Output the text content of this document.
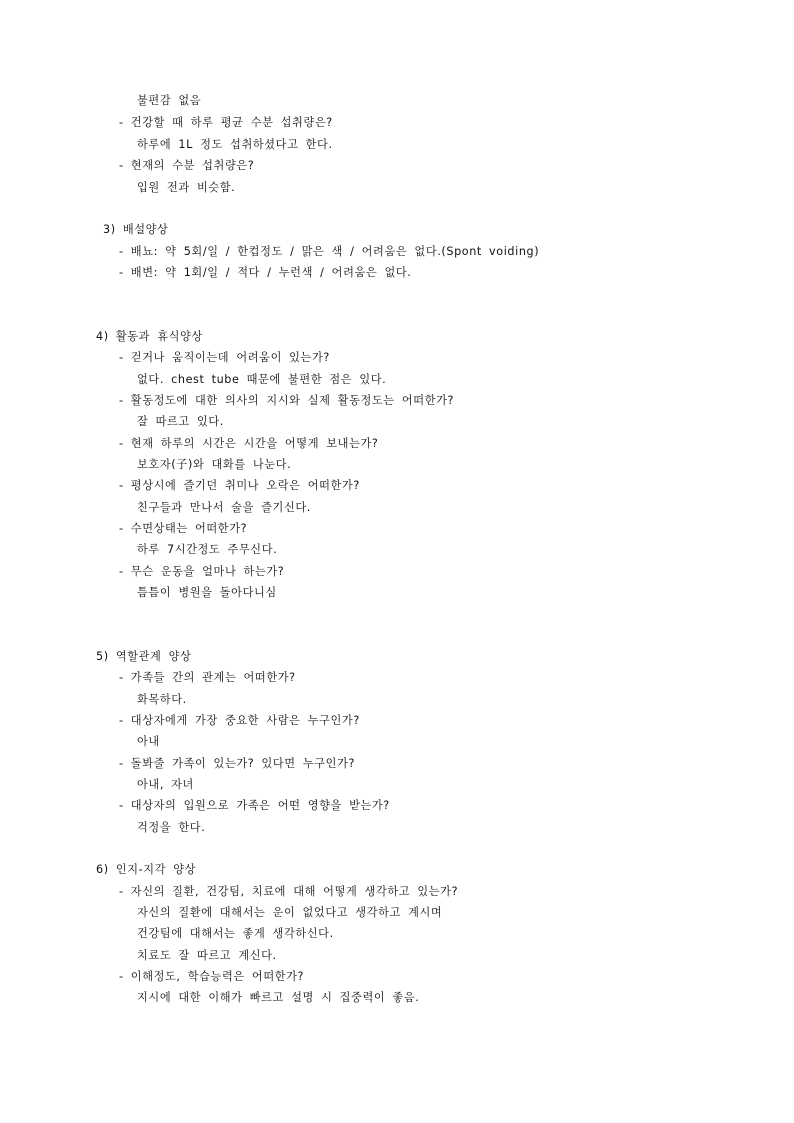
불편감 없음
- 건강할 때 하루 평균 수분 섭취량은?
하루에 1L 정도 섭취하셨다고 한다.
- 현재의 수분 섭취량은?
입원 전과 비슷함.
3) 배설양상
- 배뇨: 약 5회/일 / 한컵정도 / 맑은 색 / 어려움은 없다.(Spont voiding)
- 배변: 약 1회/일 / 적다 / 누런색 / 어려움은 없다.
4) 활동과 휴식양상
- 걷거나 움직이는데 어려움이 있는가?
없다. chest tube 때문에 불편한 점은 있다.
- 활동정도에 대한 의사의 지시와 실제 활동정도는 어떠한가?
잘 따르고 있다.
- 현재 하루의 시간은 시간을 어떻게 보내는가?
보호자(子)와 대화를 나눈다.
- 평상시에 즐기던 취미나 오락은 어떠한가?
친구들과 만나서 술을 즐기신다.
- 수면상태는 어떠한가?
하루 7시간정도 주무신다.
- 무슨 운동을 얼마나 하는가?
틈틈이 병원을 돌아다니심
5) 역할관계 양상
- 가족들 간의 관계는 어떠한가?
화목하다.
- 대상자에게 가장 중요한 사람은 누구인가?
아내
- 돌봐줄 가족이 있는가? 있다면 누구인가?
아내, 자녀
- 대상자의 입원으로 가족은 어떤 영향을 받는가?
걱정을 한다.
6) 인지-지각 양상
- 자신의 질환, 건강팀, 치료에 대해 어떻게 생각하고 있는가?
자신의 질환에 대해서는 운이 없었다고 생각하고 계시며
건강팀에 대해서는 좋게 생각하신다.
치료도 잘 따르고 계신다.
- 이해정도, 학습능력은 어떠한가?
지시에 대한 이해가 빠르고 설명 시 집중력이 좋음.
